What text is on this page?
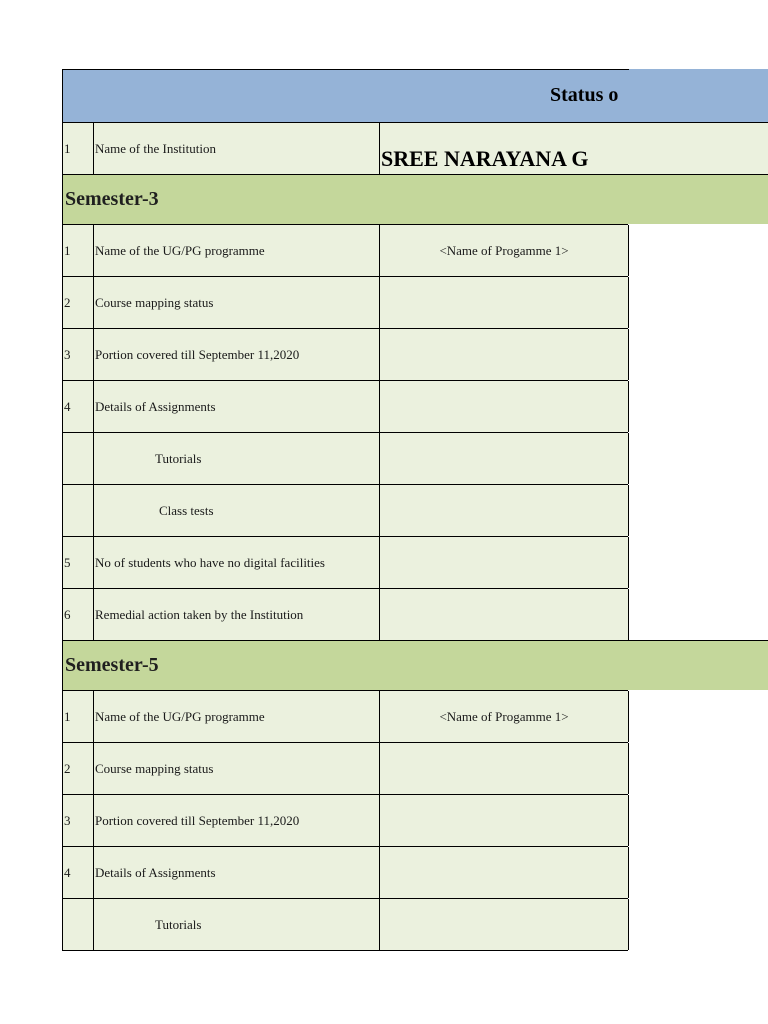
Status o
1	Name of the Institution	SREE NARAYANA G
Semester-3
1	Name of the UG/PG programme	<Name of Progamme 1>
2	Course mapping status
3	Portion covered till September 11,2020
4	Details of Assignments
Tutorials
Class tests
5	No of students who have no digital facilities
6	Remedial action taken by the Institution
Semester-5
1	Name of the UG/PG programme	<Name of Progamme 1>
2	Course mapping status
3	Portion covered till September 11,2020
4	Details of Assignments
Tutorials
